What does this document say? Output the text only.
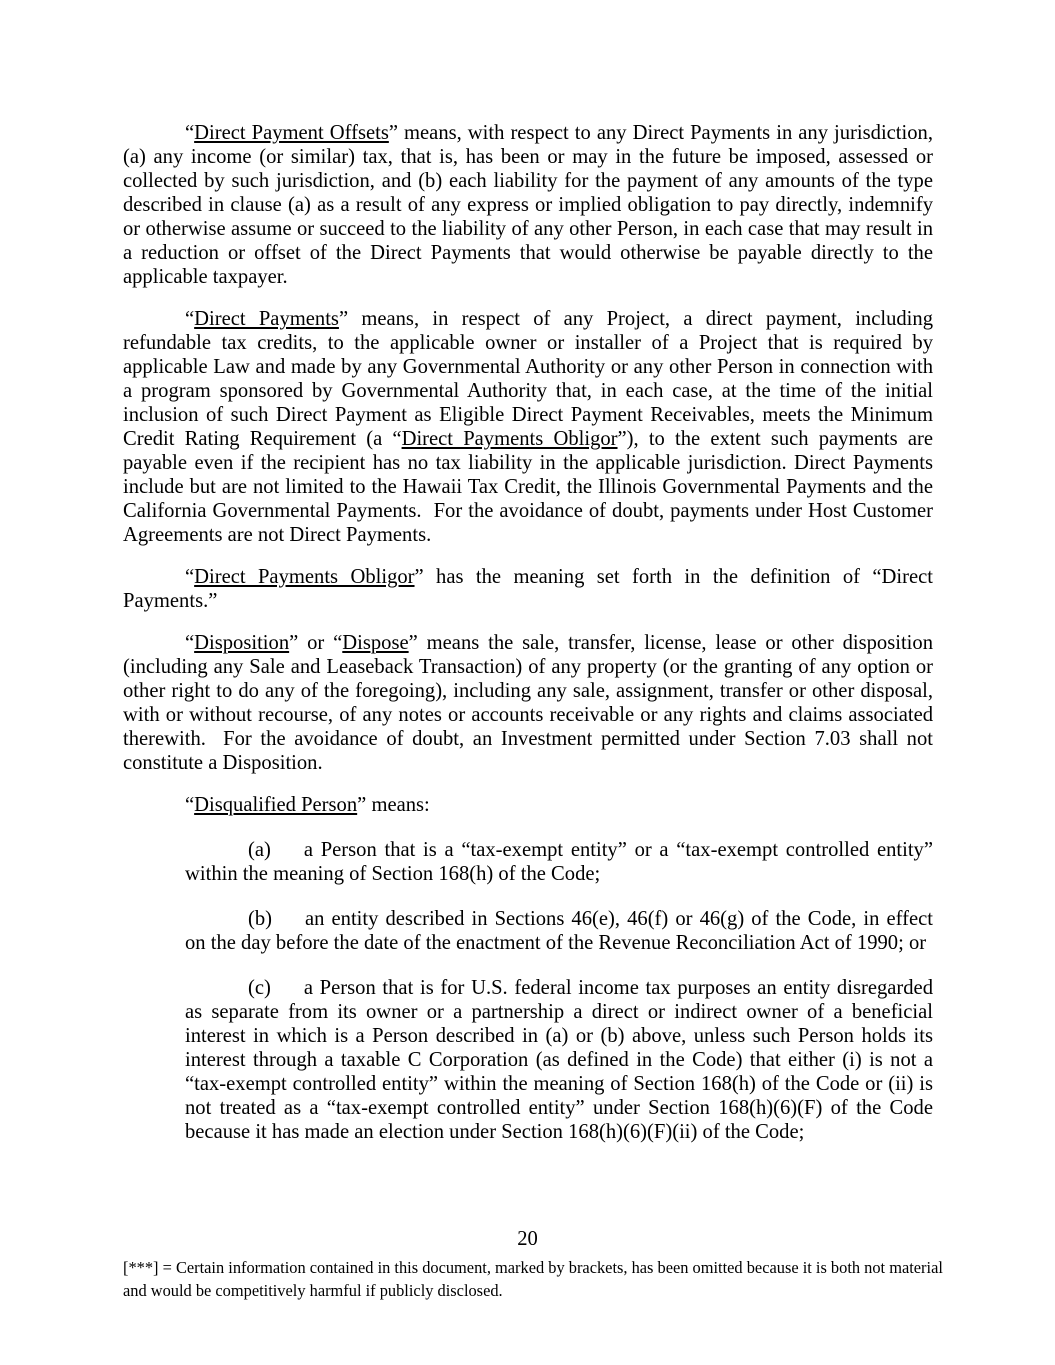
“Direct Payment Offsets” means, with respect to any Direct Payments in any jurisdiction, (a) any income (or similar) tax, that is, has been or may in the future be imposed, assessed or collected by such jurisdiction, and (b) each liability for the payment of any amounts of the type described in clause (a) as a result of any express or implied obligation to pay directly, indemnify or otherwise assume or succeed to the liability of any other Person, in each case that may result in a reduction or offset of the Direct Payments that would otherwise be payable directly to the applicable taxpayer.

“Direct Payments” means, in respect of any Project, a direct payment, including refundable tax credits, to the applicable owner or installer of a Project that is required by applicable Law and made by any Governmental Authority or any other Person in connection with a program sponsored by Governmental Authority that, in each case, at the time of the initial inclusion of such Direct Payment as Eligible Direct Payment Receivables, meets the Minimum Credit Rating Requirement (a “Direct Payments Obligor”), to the extent such payments are payable even if the recipient has no tax liability in the applicable jurisdiction. Direct Payments include but are not limited to the Hawaii Tax Credit, the Illinois Governmental Payments and the California Governmental Payments.  For the avoidance of doubt, payments under Host Customer Agreements are not Direct Payments.

“Direct Payments Obligor” has the meaning set forth in the definition of “Direct Payments.”

“Disposition” or “Dispose” means the sale, transfer, license, lease or other disposition (including any Sale and Leaseback Transaction) of any property (or the granting of any option or other right to do any of the foregoing), including any sale, assignment, transfer or other disposal, with or without recourse, of any notes or accounts receivable or any rights and claims associated therewith.  For the avoidance of doubt, an Investment permitted under Section 7.03 shall not constitute a Disposition.

“Disqualified Person” means:

(a) a Person that is a “tax-exempt entity” or a “tax-exempt controlled entity” within the meaning of Section 168(h) of the Code;

(b) an entity described in Sections 46(e), 46(f) or 46(g) of the Code, in effect on the day before the date of the enactment of the Revenue Reconciliation Act of 1990; or

(c) a Person that is for U.S. federal income tax purposes an entity disregarded as separate from its owner or a partnership a direct or indirect owner of a beneficial interest in which is a Person described in (a) or (b) above, unless such Person holds its interest through a taxable C Corporation (as defined in the Code) that either (i) is not a “tax-exempt controlled entity” within the meaning of Section 168(h) of the Code or (ii) is not treated as a “tax-exempt controlled entity” under Section 168(h)(6)(F) of the Code because it has made an election under Section 168(h)(6)(F)(ii) of the Code;

20
[***] = Certain information contained in this document, marked by brackets, has been omitted because it is both not material and would be competitively harmful if publicly disclosed.
